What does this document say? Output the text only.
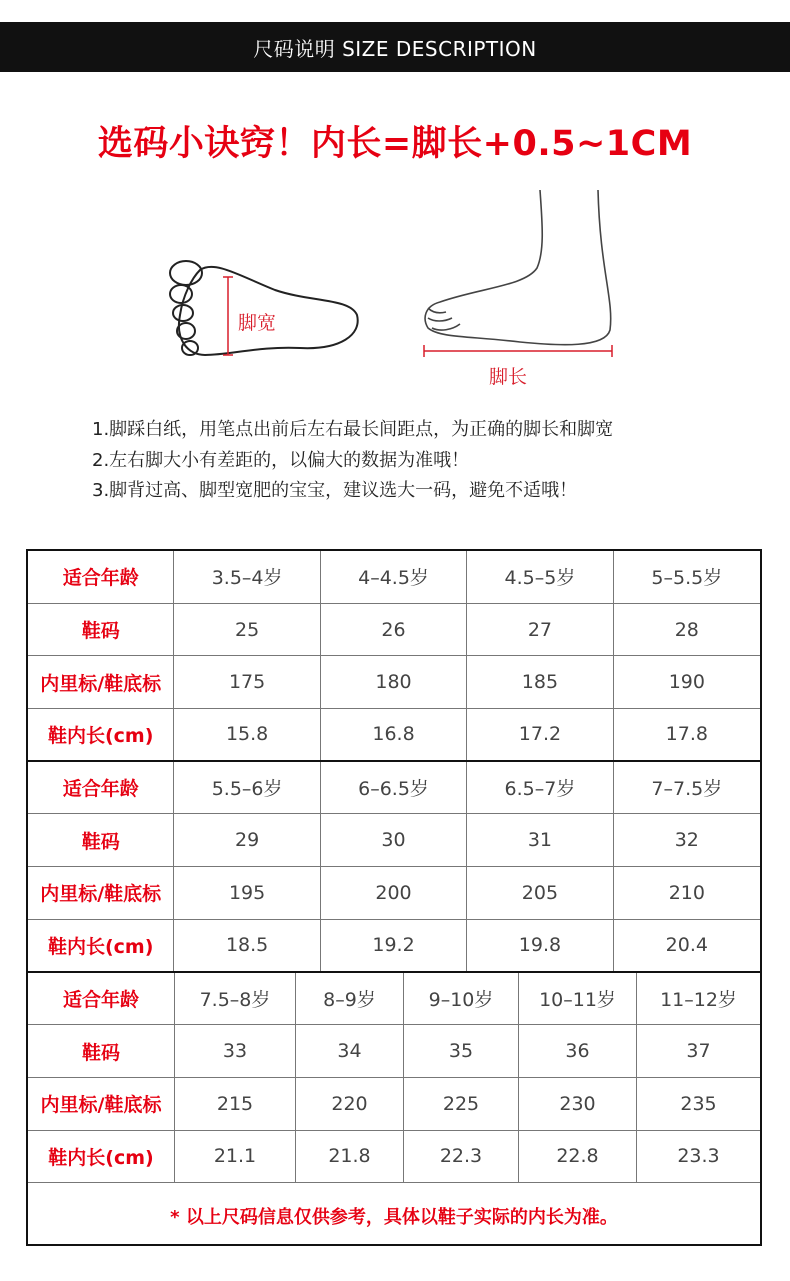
尺码说明 SIZE DESCRIPTION
选码小诀窍！内长=脚长+0.5~1CM
脚宽
脚长
1.脚踩白纸，用笔点出前后左右最长间距点，为正确的脚长和脚宽
2.左右脚大小有差距的，以偏大的数据为准哦！
3.脚背过高、脚型宽肥的宝宝，建议选大一码，避免不适哦！
适合年龄	3.5–4岁	4–4.5岁	4.5–5岁	5–5.5岁
鞋码	25	26	27	28
内里标/鞋底标	175	180	185	190
鞋内长(cm)	15.8	16.8	17.2	17.8
适合年龄	5.5–6岁	6–6.5岁	6.5–7岁	7–7.5岁
鞋码	29	30	31	32
内里标/鞋底标	195	200	205	210
鞋内长(cm)	18.5	19.2	19.8	20.4
适合年龄	7.5–8岁	8–9岁	9–10岁	10–11岁	11–12岁
鞋码	33	34	35	36	37
内里标/鞋底标	215	220	225	230	235
鞋内长(cm)	21.1	21.8	22.3	22.8	23.3
* 以上尺码信息仅供参考，具体以鞋子实际的内长为准。
